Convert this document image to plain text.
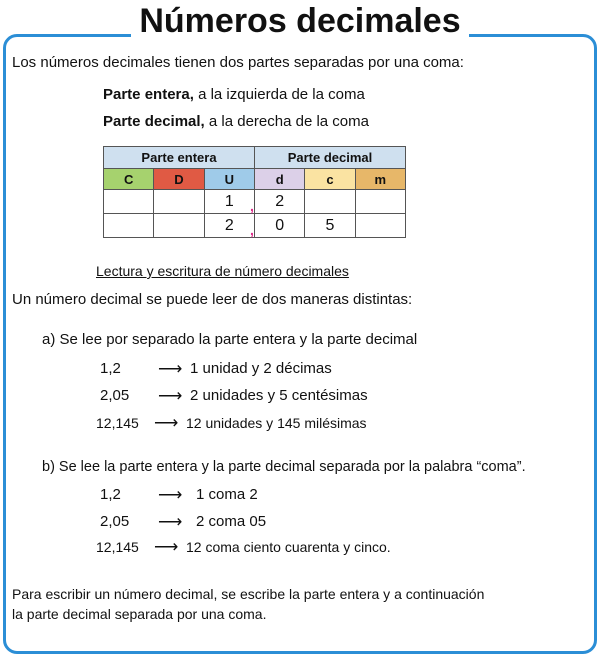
Números decimales
Los números decimales tienen dos partes separadas por una coma:
Parte entera, a la izquierda de la coma
Parte decimal, a la derecha de la coma
Parte entera			Parte decimal		
C	D	U	d	c	m
		1	2		
		2	0	5	
,
,
Lectura y escritura de número decimales
Un número decimal se puede leer de dos maneras distintas:
a) Se lee por separado la parte entera y la parte decimal
1,2 ⟶ 1 unidad y 2 décimas
2,05 ⟶ 2 unidades y 5 centésimas
12,145 ⟶ 12 unidades y 145 milésimas
b) Se lee la parte entera y la parte decimal separada por la palabra “coma”.
1,2 ⟶ 1 coma 2
2,05 ⟶ 2 coma 05
12,145 ⟶ 12 coma ciento cuarenta y cinco.
Para escribir un número decimal, se escribe la parte entera y a continuación
la parte decimal separada por una coma.
